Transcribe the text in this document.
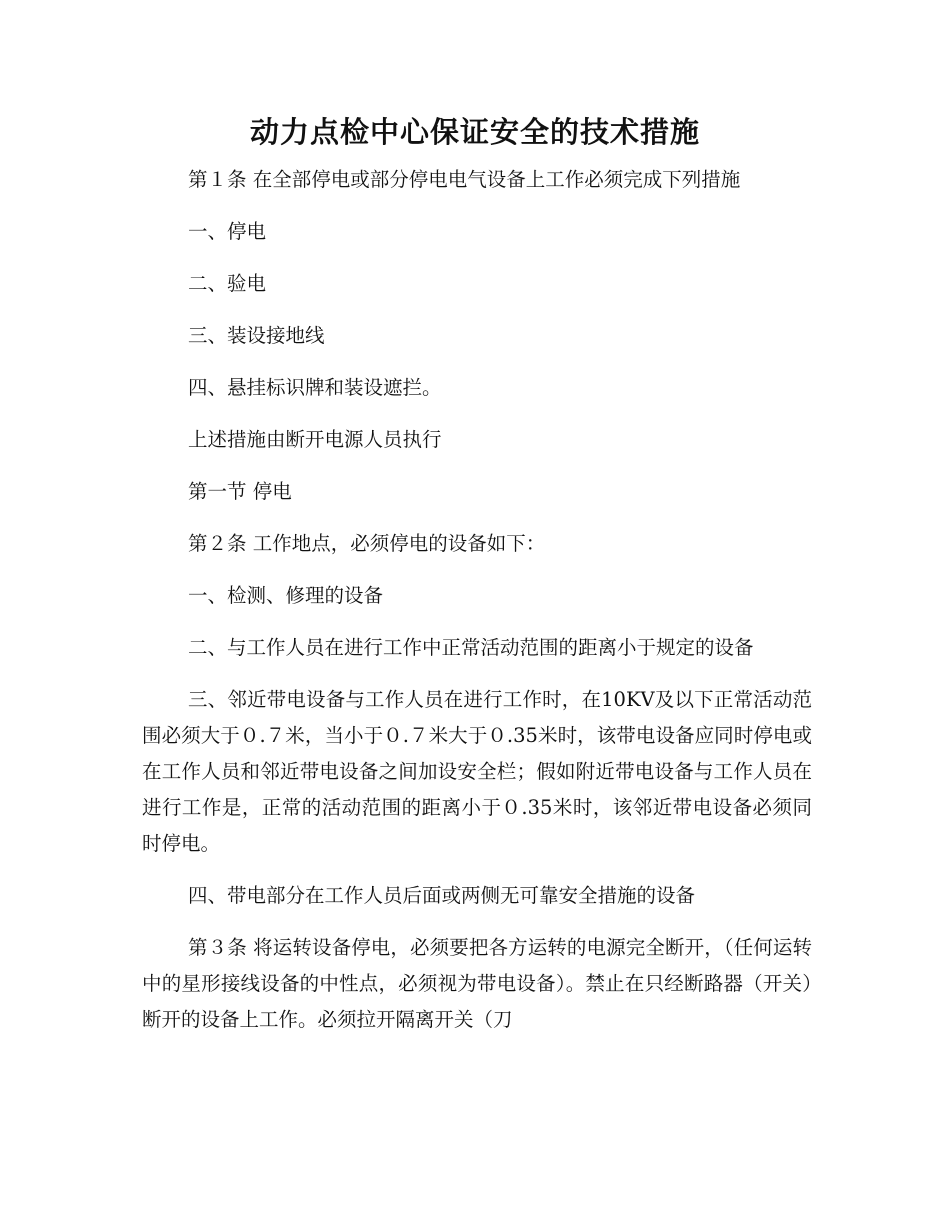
动力点检中心保证安全的技术措施

第１条 在全部停电或部分停电电气设备上工作必须完成下列措施

一、停电

二、验电

三、装设接地线

四、悬挂标识牌和装设遮拦。

上述措施由断开电源人员执行

第一节 停电

第２条 工作地点，必须停电的设备如下：

一、检测、修理的设备

二、与工作人员在进行工作中正常活动范围的距离小于规定的设备

三、邻近带电设备与工作人员在进行工作时，在10KV及以下正常活动范围必须大于０.７米，当小于０.７米大于０.35米时，该带电设备应同时停电或在工作人员和邻近带电设备之间加设安全栏；假如附近带电设备与工作人员在进行工作是，正常的活动范围的距离小于０.35米时，该邻近带电设备必须同时停电。

四、带电部分在工作人员后面或两侧无可靠安全措施的设备

第３条 将运转设备停电，必须要把各方运转的电源完全断开，（任何运转中的星形接线设备的中性点，必须视为带电设备）。禁止在只经断路器（开关）断开的设备上工作。必须拉开隔离开关（刀
